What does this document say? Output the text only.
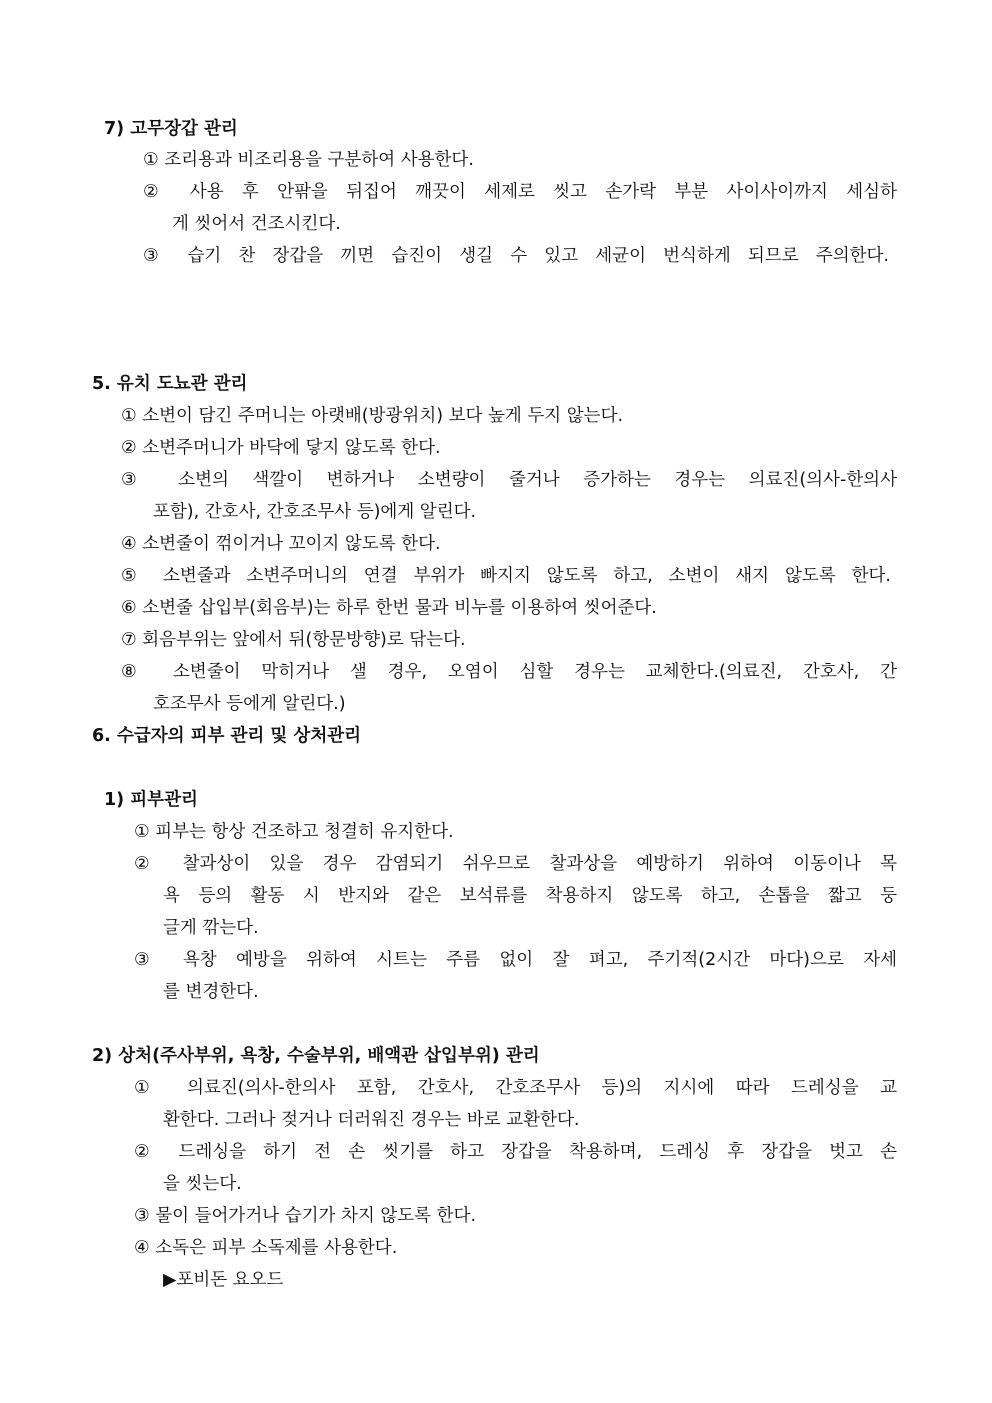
7) 고무장갑 관리
① 조리용과 비조리용을 구분하여 사용한다.
② 사용 후 안팎을 뒤집어 깨끗이 세제로 씻고 손가락 부분 사이사이까지 세심하
게 씻어서 건조시킨다.
③ 습기 찬 장갑을 끼면 습진이 생길 수 있고 세균이 번식하게 되므로 주의한다.
5. 유치 도뇨관 관리
① 소변이 담긴 주머니는 아랫배(방광위치) 보다 높게 두지 않는다.
② 소변주머니가 바닥에 닿지 않도록 한다.
③ 소변의 색깔이 변하거나 소변량이 줄거나 증가하는 경우는 의료진(의사-한의사
포함), 간호사, 간호조무사 등)에게 알린다.
④ 소변줄이 꺾이거나 꼬이지 않도록 한다.
⑤ 소변줄과 소변주머니의 연결 부위가 빠지지 않도록 하고, 소변이 새지 않도록 한다.
⑥ 소변줄 삽입부(회음부)는 하루 한번 물과 비누를 이용하여 씻어준다.
⑦ 회음부위는 앞에서 뒤(항문방향)로 닦는다.
⑧ 소변줄이 막히거나 샐 경우, 오염이 심할 경우는 교체한다.(의료진, 간호사, 간
호조무사 등에게 알린다.)
6. 수급자의 피부 관리 및 상처관리
1) 피부관리
① 피부는 항상 건조하고 청결히 유지한다.
② 찰과상이 있을 경우 감염되기 쉬우므로 찰과상을 예방하기 위하여 이동이나 목
욕 등의 활동 시 반지와 같은 보석류를 착용하지 않도록 하고, 손톱을 짧고 둥
글게 깎는다.
③ 욕창 예방을 위하여 시트는 주름 없이 잘 펴고, 주기적(2시간 마다)으로 자세
를 변경한다.
2) 상처(주사부위, 욕창, 수술부위, 배액관 삽입부위) 관리
① 의료진(의사-한의사 포함, 간호사, 간호조무사 등)의 지시에 따라 드레싱을 교
환한다. 그러나 젖거나 더러워진 경우는 바로 교환한다.
② 드레싱을 하기 전 손 씻기를 하고 장갑을 착용하며, 드레싱 후 장갑을 벗고 손
을 씻는다.
③ 물이 들어가거나 습기가 차지 않도록 한다.
④ 소독은 피부 소독제를 사용한다.
▶포비돈 요오드
